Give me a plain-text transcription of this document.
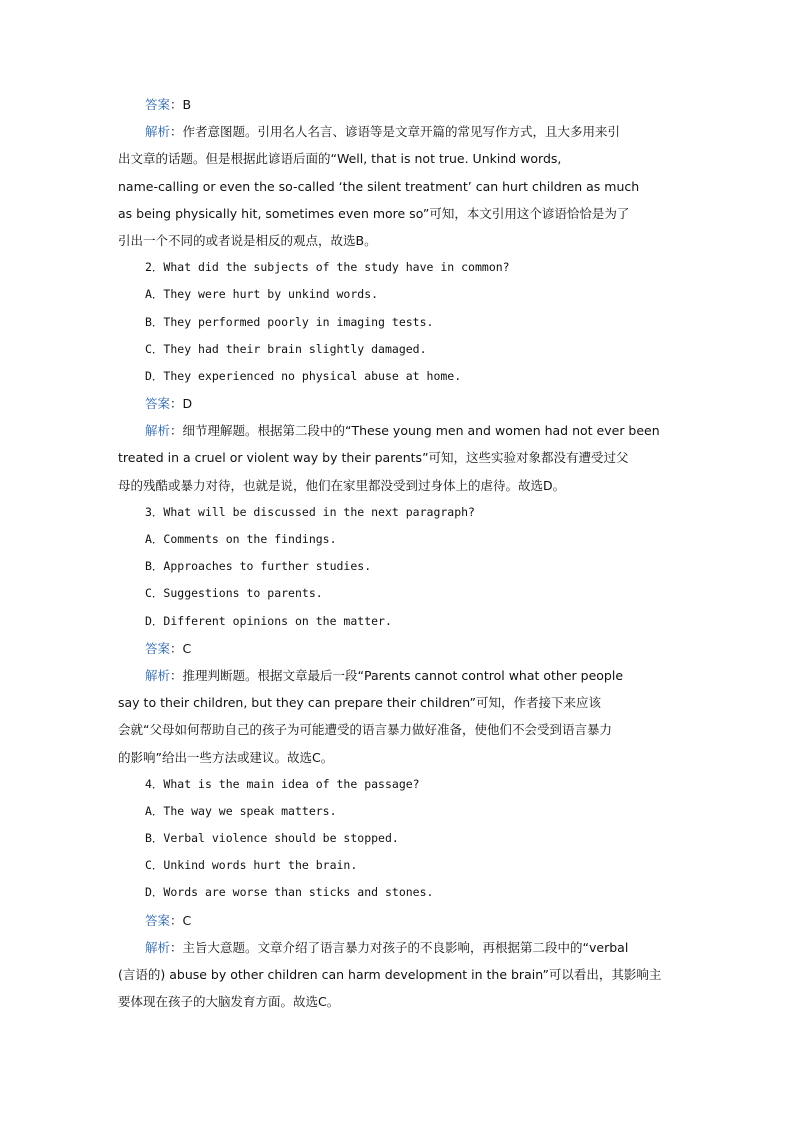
答案：B
解析：作者意图题。引用名人名言、谚语等是文章开篇的常见写作方式，且大多用来引
出文章的话题。但是根据此谚语后面的“Well, that is not true. Unkind words,
name-calling or even the so-called ‘the silent treatment’ can hurt children as much
as being physically hit, sometimes even more so”可知，本文引用这个谚语恰恰是为了
引出一个不同的或者说是相反的观点，故选B。
2．What did the subjects of the study have in common?
A．They were hurt by unkind words.
B．They performed poorly in imaging tests.
C．They had their brain slightly damaged.
D．They experienced no physical abuse at home.
答案：D
解析：细节理解题。根据第二段中的“These young men and women had not ever been
treated in a cruel or violent way by their parents”可知，这些实验对象都没有遭受过父
母的残酷或暴力对待，也就是说，他们在家里都没受到过身体上的虐待。故选D。
3．What will be discussed in the next paragraph?
A．Comments on the findings.
B．Approaches to further studies.
C．Suggestions to parents.
D．Different opinions on the matter.
答案：C
解析：推理判断题。根据文章最后一段“Parents cannot control what other people
say to their children, but they can prepare their children”可知，作者接下来应该
会就“父母如何帮助自己的孩子为可能遭受的语言暴力做好准备，使他们不会受到语言暴力
的影响”给出一些方法或建议。故选C。
4．What is the main idea of the passage?
A．The way we speak matters.
B．Verbal violence should be stopped.
C．Unkind words hurt the brain.
D．Words are worse than sticks and stones.
答案：C
解析：主旨大意题。文章介绍了语言暴力对孩子的不良影响，再根据第二段中的“verbal
(言语的) abuse by other children can harm development in the brain”可以看出，其影响主
要体现在孩子的大脑发育方面。故选C。
